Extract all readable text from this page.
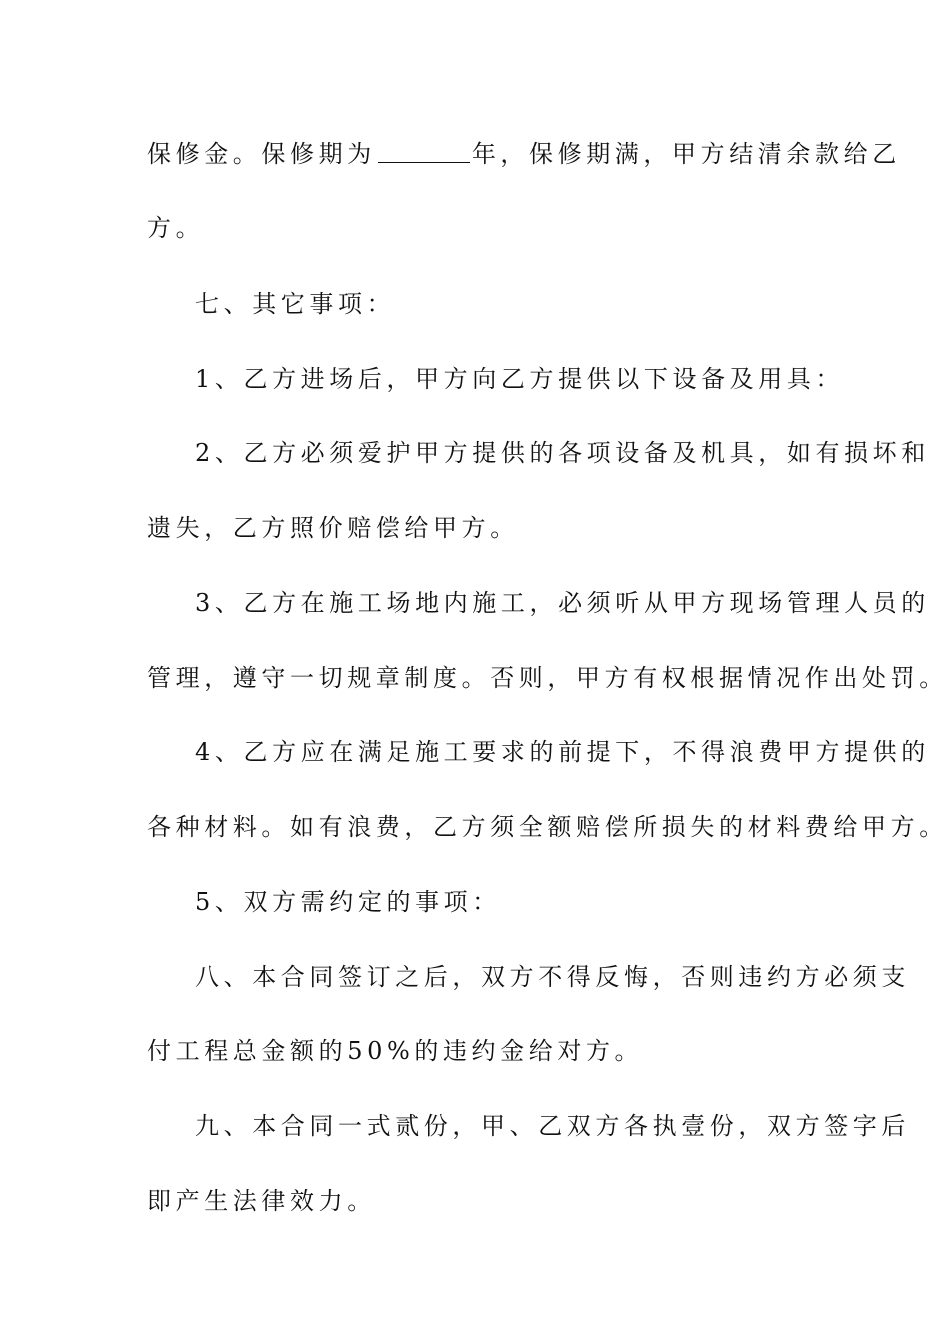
保修金。保修期为	年，保修期满，甲方结清余款给乙
方。
七、其它事项：
1、乙方进场后，甲方向乙方提供以下设备及用具：
2、乙方必须爱护甲方提供的各项设备及机具，如有损坏和
遗失，乙方照价赔偿给甲方。
3、乙方在施工场地内施工，必须听从甲方现场管理人员的
管理，遵守一切规章制度。否则，甲方有权根据情况作出处罚。
4、乙方应在满足施工要求的前提下，不得浪费甲方提供的
各种材料。如有浪费，乙方须全额赔偿所损失的材料费给甲方。
5、双方需约定的事项：
八、本合同签订之后，双方不得反悔，否则违约方必须支
付工程总金额的50%的违约金给对方。
九、本合同一式贰份，甲、乙双方各执壹份，双方签字后
即产生法律效力。
